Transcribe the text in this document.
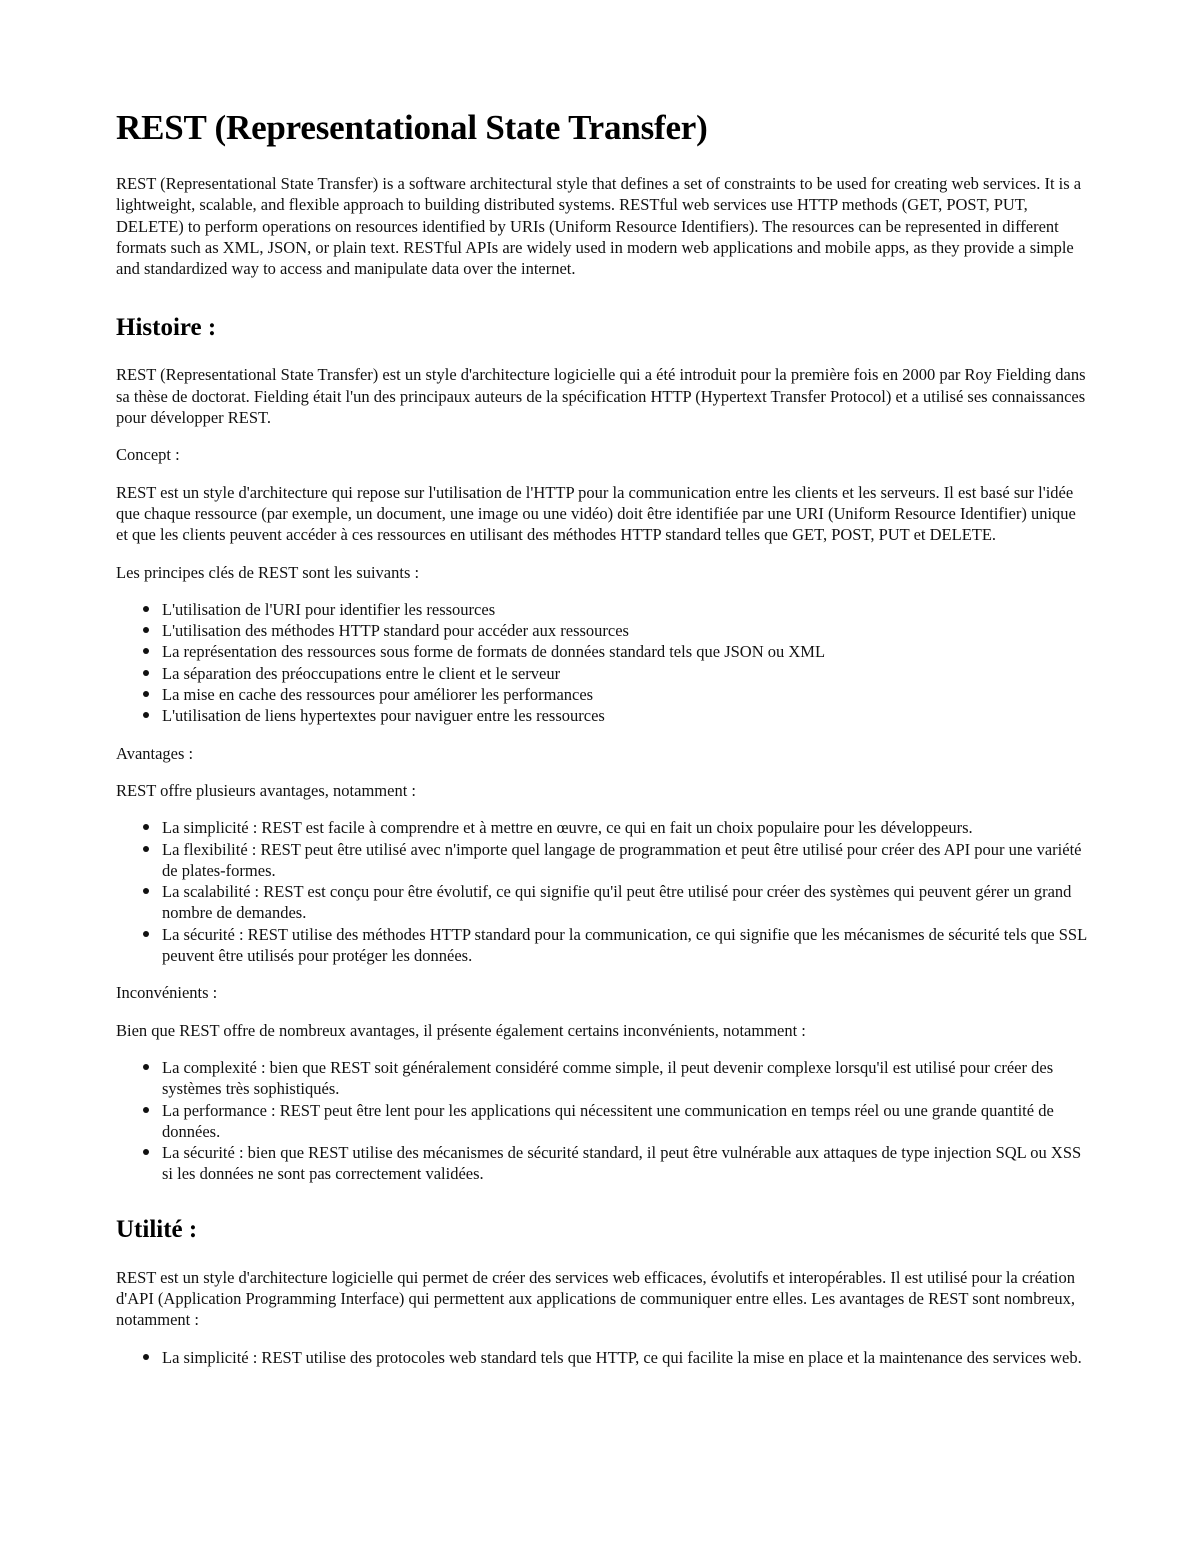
REST (Representational State Transfer)

REST (Representational State Transfer) is a software architectural style that defines a set of constraints to be used for creating web services. It is a lightweight, scalable, and flexible approach to building distributed systems. RESTful web services use HTTP methods (GET, POST, PUT, DELETE) to perform operations on resources identified by URIs (Uniform Resource Identifiers). The resources can be represented in different formats such as XML, JSON, or plain text. RESTful APIs are widely used in modern web applications and mobile apps, as they provide a simple and standardized way to access and manipulate data over the internet.

Histoire :

REST (Representational State Transfer) est un style d'architecture logicielle qui a été introduit pour la première fois en 2000 par Roy Fielding dans sa thèse de doctorat. Fielding était l'un des principaux auteurs de la spécification HTTP (Hypertext Transfer Protocol) et a utilisé ses connaissances pour développer REST.

Concept :

REST est un style d'architecture qui repose sur l'utilisation de l'HTTP pour la communication entre les clients et les serveurs. Il est basé sur l'idée que chaque ressource (par exemple, un document, une image ou une vidéo) doit être identifiée par une URI (Uniform Resource Identifier) unique et que les clients peuvent accéder à ces ressources en utilisant des méthodes HTTP standard telles que GET, POST, PUT et DELETE.

Les principes clés de REST sont les suivants :

L'utilisation de l'URI pour identifier les ressources
L'utilisation des méthodes HTTP standard pour accéder aux ressources
La représentation des ressources sous forme de formats de données standard tels que JSON ou XML
La séparation des préoccupations entre le client et le serveur
La mise en cache des ressources pour améliorer les performances
L'utilisation de liens hypertextes pour naviguer entre les ressources

Avantages :

REST offre plusieurs avantages, notamment :

La simplicité : REST est facile à comprendre et à mettre en œuvre, ce qui en fait un choix populaire pour les développeurs.
La flexibilité : REST peut être utilisé avec n'importe quel langage de programmation et peut être utilisé pour créer des API pour une variété de plates-formes.
La scalabilité : REST est conçu pour être évolutif, ce qui signifie qu'il peut être utilisé pour créer des systèmes qui peuvent gérer un grand nombre de demandes.
La sécurité : REST utilise des méthodes HTTP standard pour la communication, ce qui signifie que les mécanismes de sécurité tels que SSL peuvent être utilisés pour protéger les données.

Inconvénients :

Bien que REST offre de nombreux avantages, il présente également certains inconvénients, notamment :

La complexité : bien que REST soit généralement considéré comme simple, il peut devenir complexe lorsqu'il est utilisé pour créer des systèmes très sophistiqués.
La performance : REST peut être lent pour les applications qui nécessitent une communication en temps réel ou une grande quantité de données.
La sécurité : bien que REST utilise des mécanismes de sécurité standard, il peut être vulnérable aux attaques de type injection SQL ou XSS si les données ne sont pas correctement validées.
Utilité :

REST est un style d'architecture logicielle qui permet de créer des services web efficaces, évolutifs et interopérables. Il est utilisé pour la création d'API (Application Programming Interface) qui permettent aux applications de communiquer entre elles. Les avantages de REST sont nombreux, notamment :

La simplicité : REST utilise des protocoles web standard tels que HTTP, ce qui facilite la mise en place et la maintenance des services web.
